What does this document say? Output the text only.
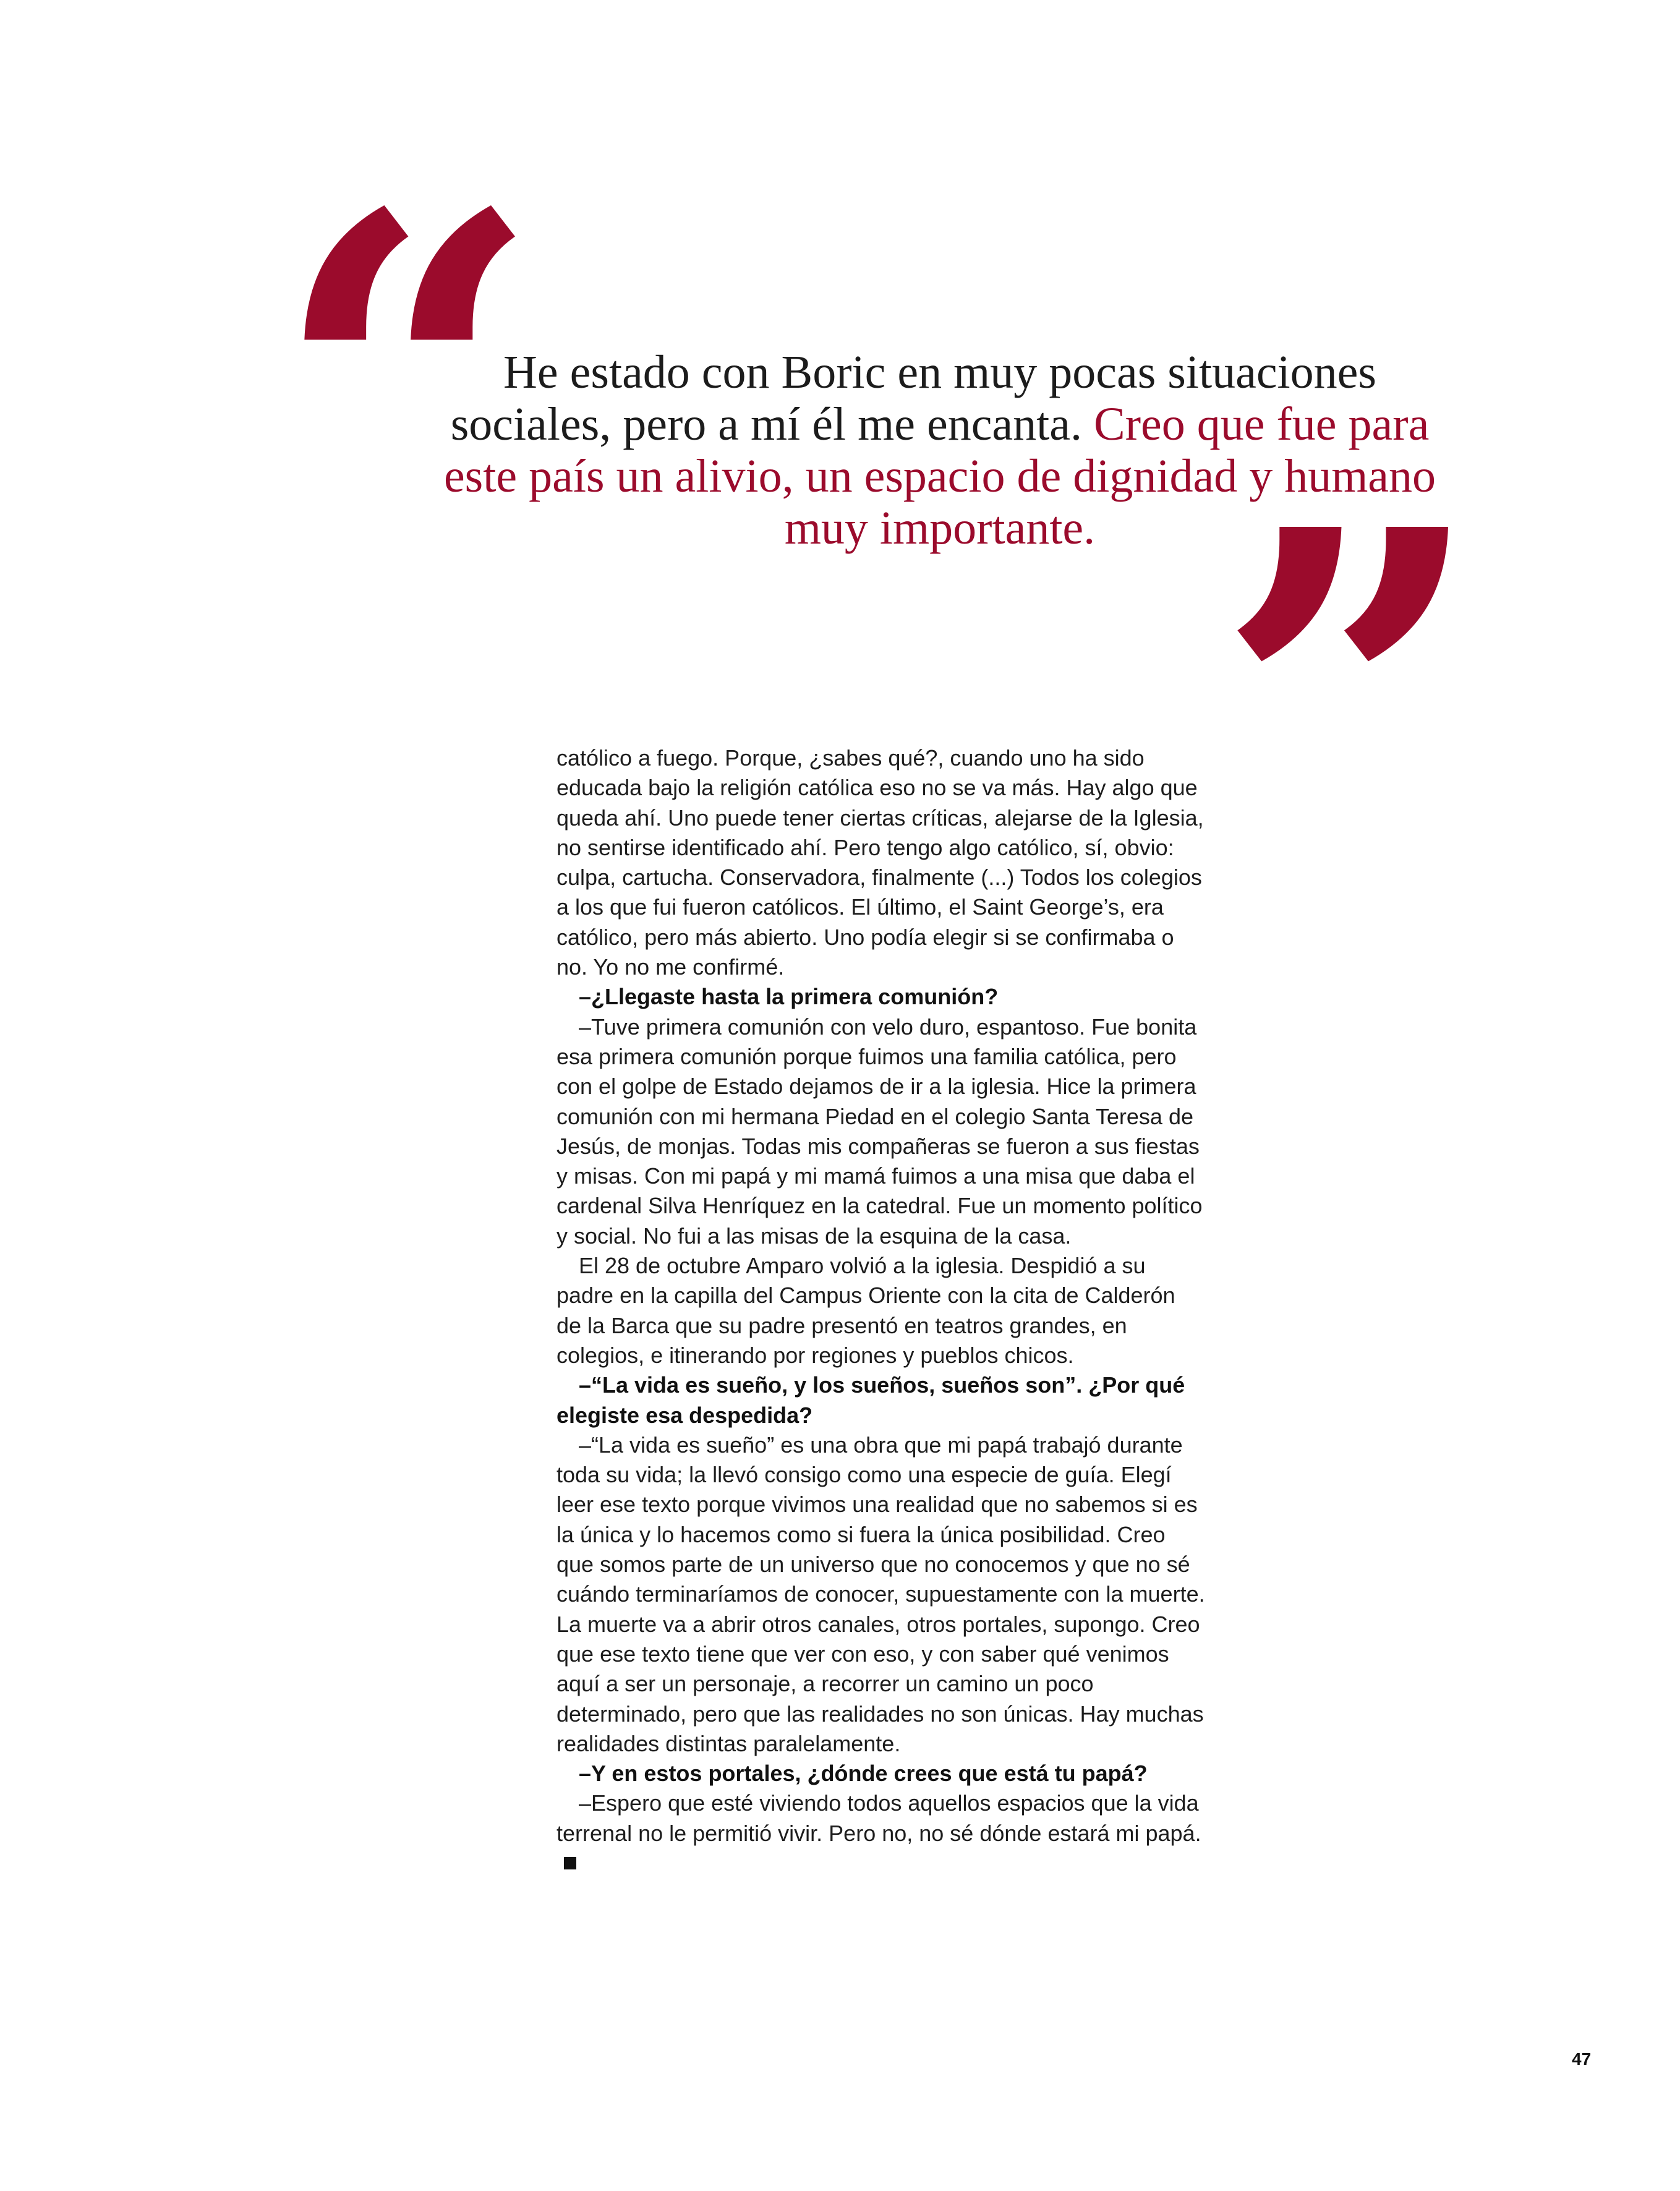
“

He estado con Boric en muy pocas situaciones sociales, pero a mí él me encanta. Creo que fue para este país un alivio, un espacio de dignidad y humano muy importante. ”

católico a fuego. Porque, ¿sabes qué?, cuando uno ha sido educada bajo la religión católica eso no se va más. Hay algo que queda ahí. Uno puede tener ciertas críticas, alejarse de la Iglesia, no sentirse identificado ahí. Pero tengo algo católico, sí, obvio: culpa, cartucha. Conservadora, finalmente (...) Todos los colegios a los que fui fueron católicos. El último, el Saint George’s, era católico, pero más abierto. Uno podía elegir si se confirmaba o no. Yo no me confirmé.

–¿Llegaste hasta la primera comunión?

–Tuve primera comunión con velo duro, espantoso. Fue bonita esa primera comunión porque fuimos una familia católica, pero con el golpe de Estado dejamos de ir a la iglesia. Hice la primera comunión con mi hermana Piedad en el colegio Santa Teresa de Jesús, de monjas. Todas mis compañeras se fueron a sus fiestas y misas. Con mi papá y mi mamá fuimos a una misa que daba el cardenal Silva Henríquez en la catedral. Fue un momento político y social. No fui a las misas de la esquina de la casa.

El 28 de octubre Amparo volvió a la iglesia. Despidió a su padre en la capilla del Campus Oriente con la cita de Calderón de la Barca que su padre presentó en teatros grandes, en colegios, e itinerando por regiones y pueblos chicos.

–“La vida es sueño, y los sueños, sueños son”. ¿Por qué elegiste esa despedida?

–“La vida es sueño” es una obra que mi papá trabajó durante toda su vida; la llevó consigo como una especie de guía. Elegí leer ese texto porque vivimos una realidad que no sabemos si es la única y lo hacemos como si fuera la única posibilidad. Creo que somos parte de un universo que no conocemos y que no sé cuándo terminaríamos de conocer, supuestamente con la muerte. La muerte va a abrir otros canales, otros portales, supongo. Creo que ese texto tiene que ver con eso, y con saber qué venimos aquí a ser un personaje, a recorrer un camino un poco determinado, pero que las realidades no son únicas. Hay muchas realidades distintas paralelamente.

–Y en estos portales, ¿dónde crees que está tu papá?

–Espero que esté viviendo todos aquellos espacios que la vida terrenal no le permitió vivir. Pero no, no sé dónde estará mi papá.

47
